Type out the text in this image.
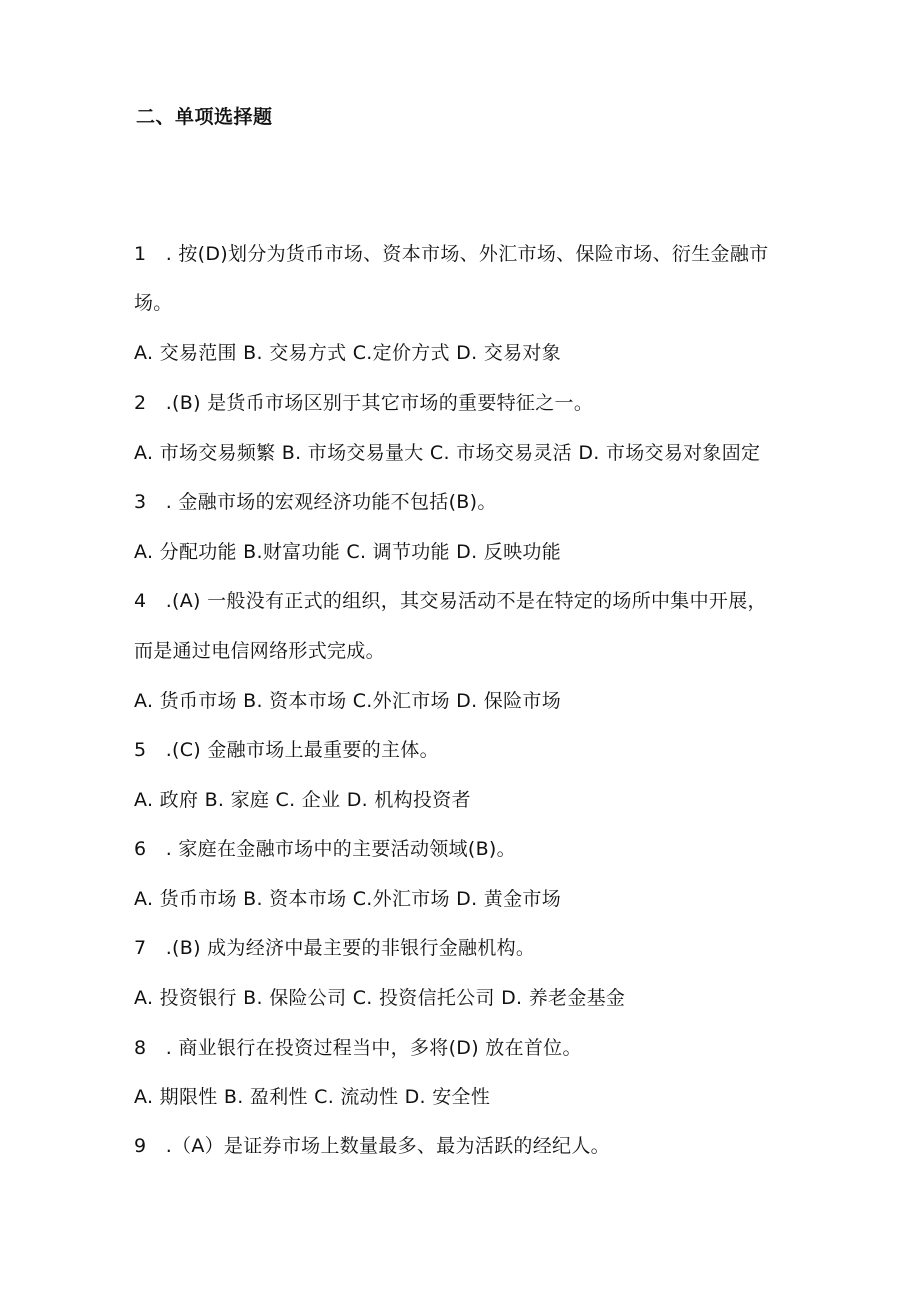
二、单项选择题
1　. 按(D)划分为货币市场、资本市场、外汇市场、保险市场、衍生金融市
场。
A. 交易范围 B. 交易方式 C.定价方式 D. 交易对象
2　.(B) 是货币市场区别于其它市场的重要特征之一。
A. 市场交易频繁 B. 市场交易量大 C. 市场交易灵活 D. 市场交易对象固定
3　. 金融市场的宏观经济功能不包括(B)。
A. 分配功能 B.财富功能 C. 调节功能 D. 反映功能
4　.(A) 一般没有正式的组织，其交易活动不是在特定的场所中集中开展，
而是通过电信网络形式完成。
A. 货币市场 B. 资本市场 C.外汇市场 D. 保险市场
5　.(C) 金融市场上最重要的主体。
A. 政府 B. 家庭 C. 企业 D. 机构投资者
6　. 家庭在金融市场中的主要活动领域(B)。
A. 货币市场 B. 资本市场 C.外汇市场 D. 黄金市场
7　.(B) 成为经济中最主要的非银行金融机构。
A. 投资银行 B. 保险公司 C. 投资信托公司 D. 养老金基金
8　. 商业银行在投资过程当中，多将(D) 放在首位。
A. 期限性 B. 盈利性 C. 流动性 D. 安全性
9　.（A）是证券市场上数量最多、最为活跃的经纪人。
